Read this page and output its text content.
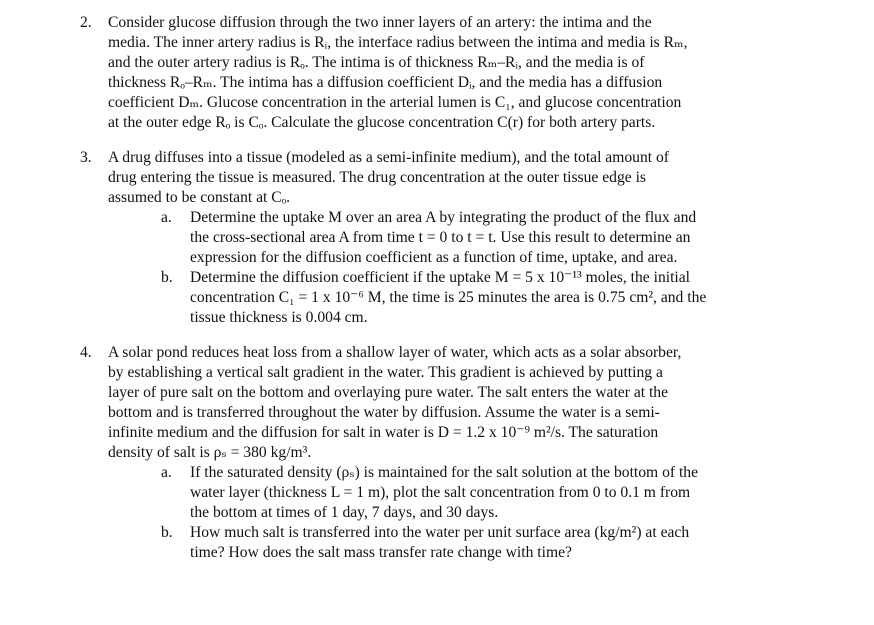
2. Consider glucose diffusion through the two inner layers of an artery: the intima and the

media. The inner artery radius is Rᵢ, the interface radius between the intima and media is Rₘ,

and the outer artery radius is Rₒ. The intima is of thickness Rₘ–Rᵢ, and the media is of

thickness Rₒ–Rₘ. The intima has a diffusion coefficient Dᵢ, and the media has a diffusion

coefficient Dₘ. Glucose concentration in the arterial lumen is C₁, and glucose concentration

at the outer edge Rₒ is Cₒ. Calculate the glucose concentration C(r) for both artery parts.

3. A drug diffuses into a tissue (modeled as a semi-infinite medium), and the total amount of

drug entering the tissue is measured. The drug concentration at the outer tissue edge is

assumed to be constant at Cₒ.

a. Determine the uptake M over an area A by integrating the product of the flux and

the cross-sectional area A from time t = 0 to t = t. Use this result to determine an

expression for the diffusion coefficient as a function of time, uptake, and area.

b. Determine the diffusion coefficient if the uptake M = 5 x 10⁻¹³ moles, the initial

concentration C₁ = 1 x 10⁻⁶ M, the time is 25 minutes the area is 0.75 cm², and the

tissue thickness is 0.004 cm.

4. A solar pond reduces heat loss from a shallow layer of water, which acts as a solar absorber,

by establishing a vertical salt gradient in the water. This gradient is achieved by putting a

layer of pure salt on the bottom and overlaying pure water. The salt enters the water at the

bottom and is transferred throughout the water by diffusion. Assume the water is a semi-

infinite medium and the diffusion for salt in water is D = 1.2 x 10⁻⁹ m²/s. The saturation

density of salt is ρₛ = 380 kg/m³.

a. If the saturated density (ρₛ) is maintained for the salt solution at the bottom of the

water layer (thickness L = 1 m), plot the salt concentration from 0 to 0.1 m from

the bottom at times of 1 day, 7 days, and 30 days.

b. How much salt is transferred into the water per unit surface area (kg/m²) at each

time? How does the salt mass transfer rate change with time?
